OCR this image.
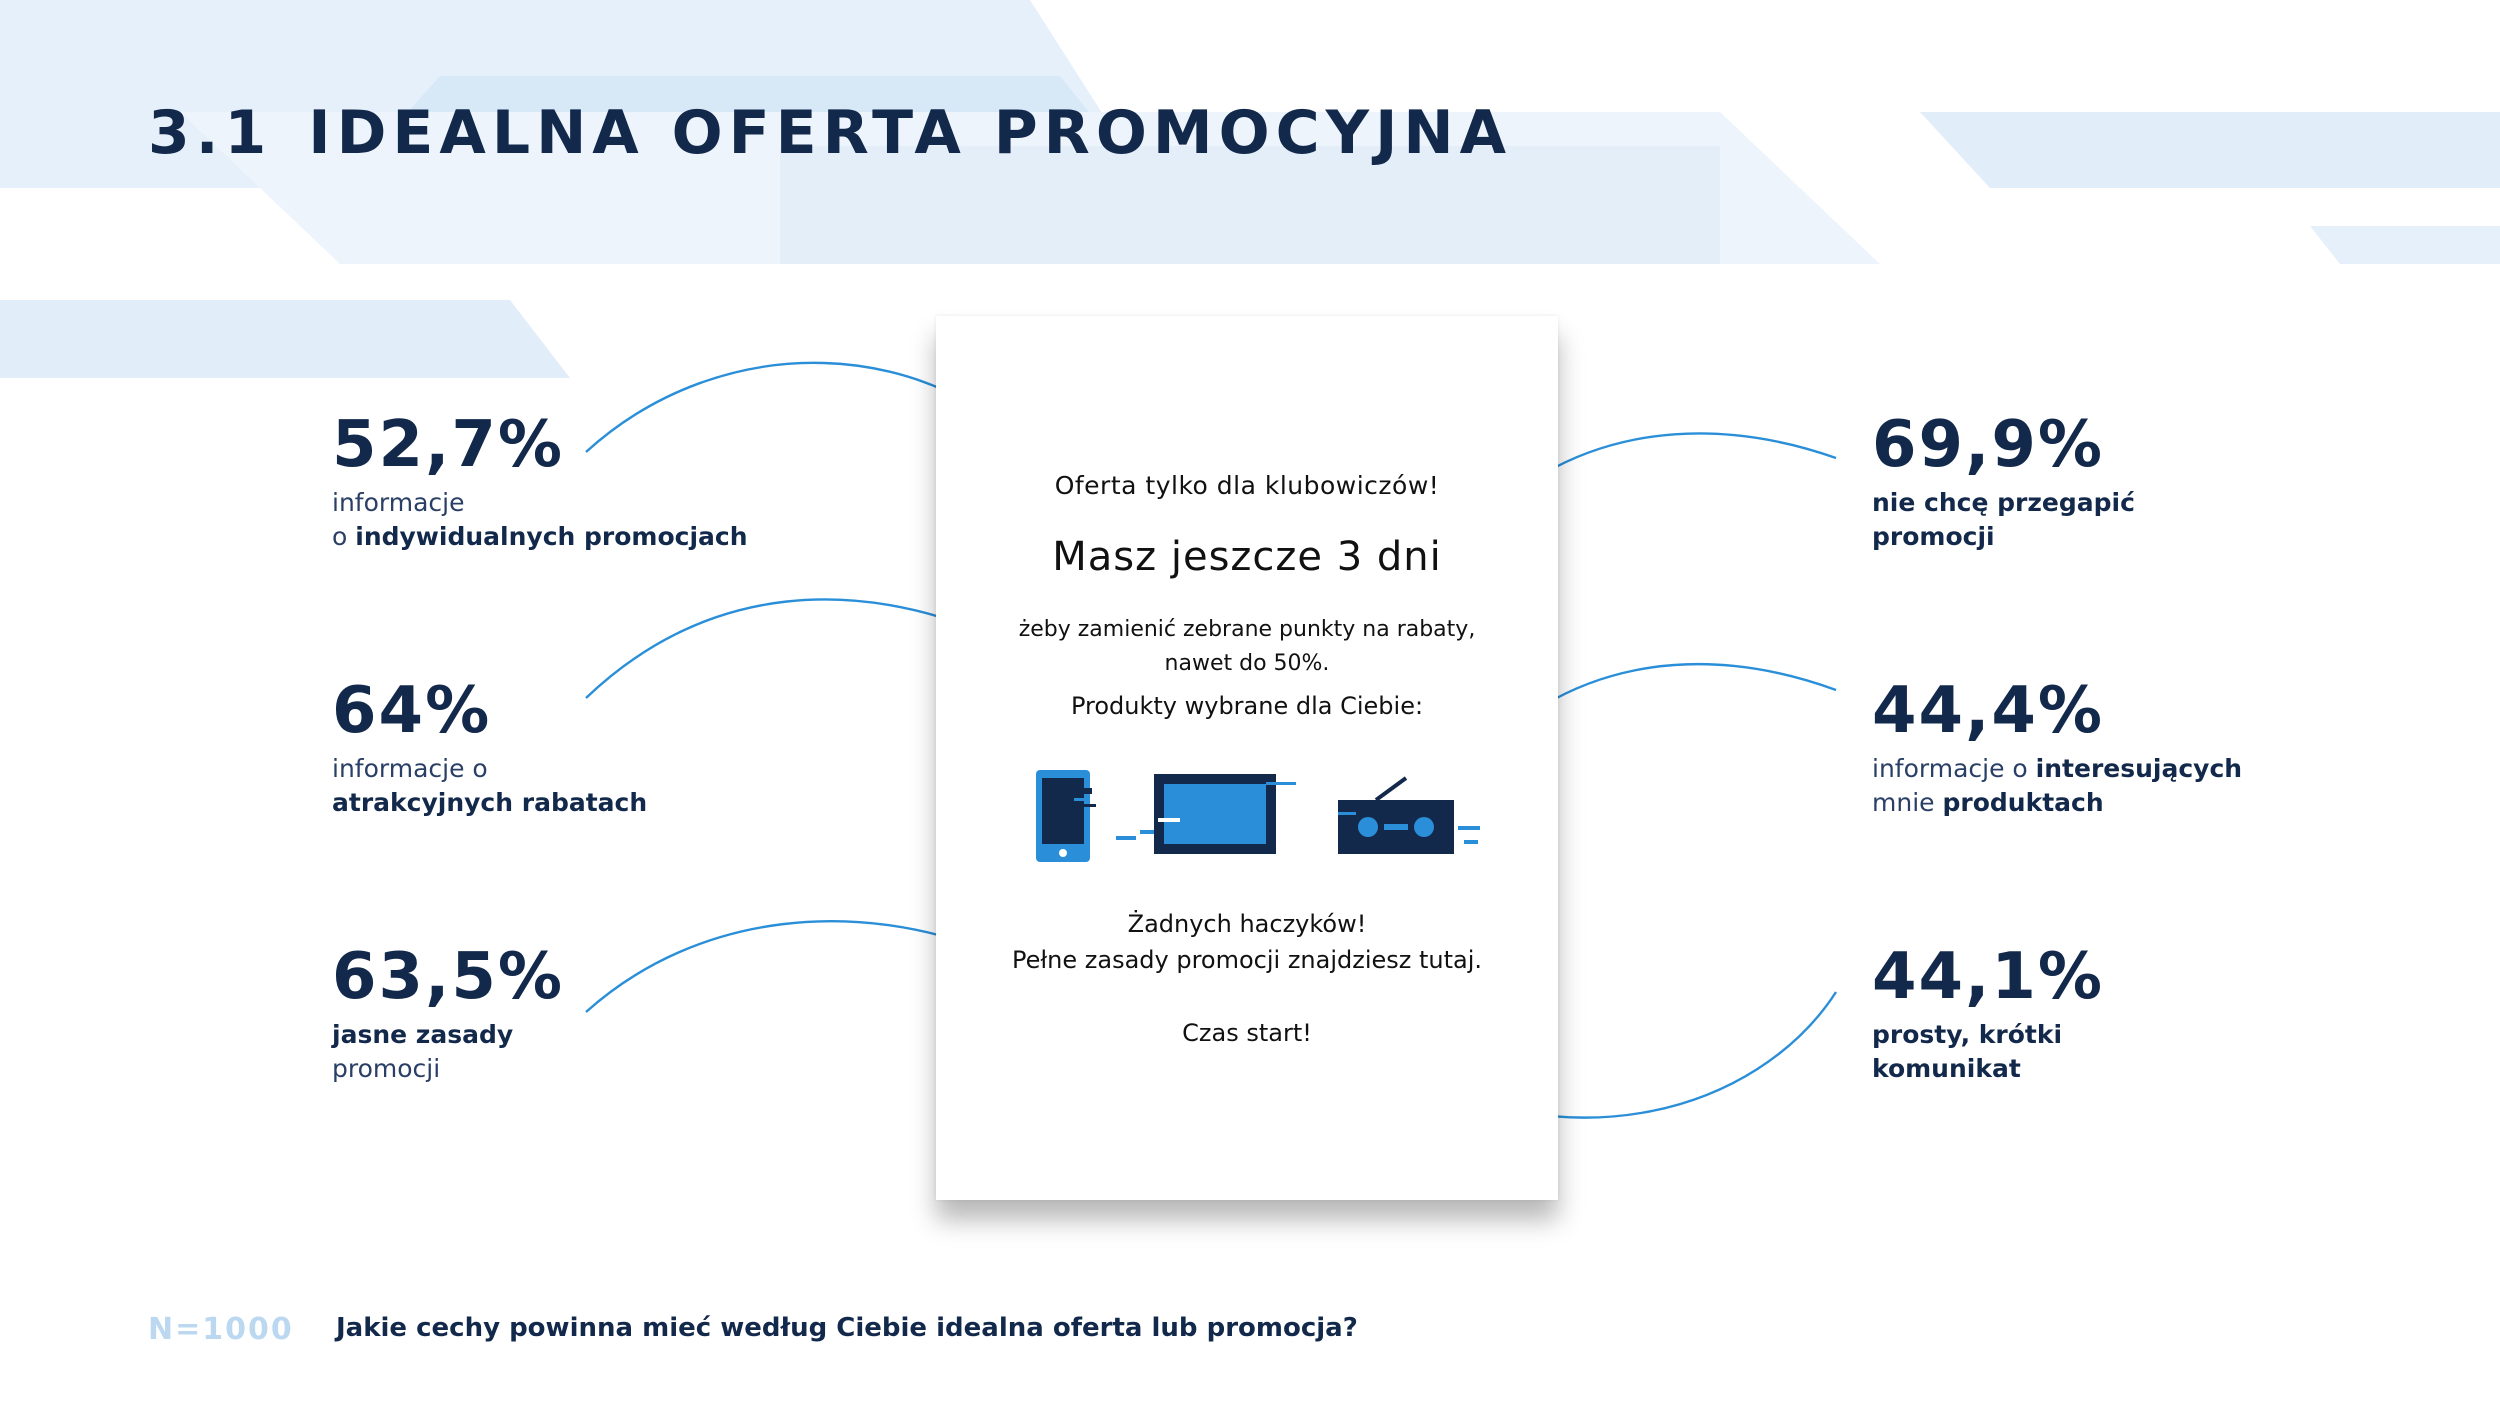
3.1 IDEALNA OFERTA PROMOCYJNA
Oferta tylko dla klubowiczów!
Masz jeszcze 3 dni
żeby zamienić zebrane punkty na rabaty, nawet do 50%.
Produkty wybrane dla Ciebie:
Żadnych haczyków!
Pełne zasady promocji znajdziesz tutaj.
Czas start!
52,7%
informacje
o indywidualnych promocjach
64%
informacje o
atrakcyjnych rabatach
63,5%
jasne zasady
promocji
69,9%
nie chcę przegapić
promocji
44,4%
informacje o interesujących
mnie produktach
44,1%
prosty, krótki
komunikat
N=1000 Jakie cechy powinna mieć według Ciebie idealna oferta lub promocja?
